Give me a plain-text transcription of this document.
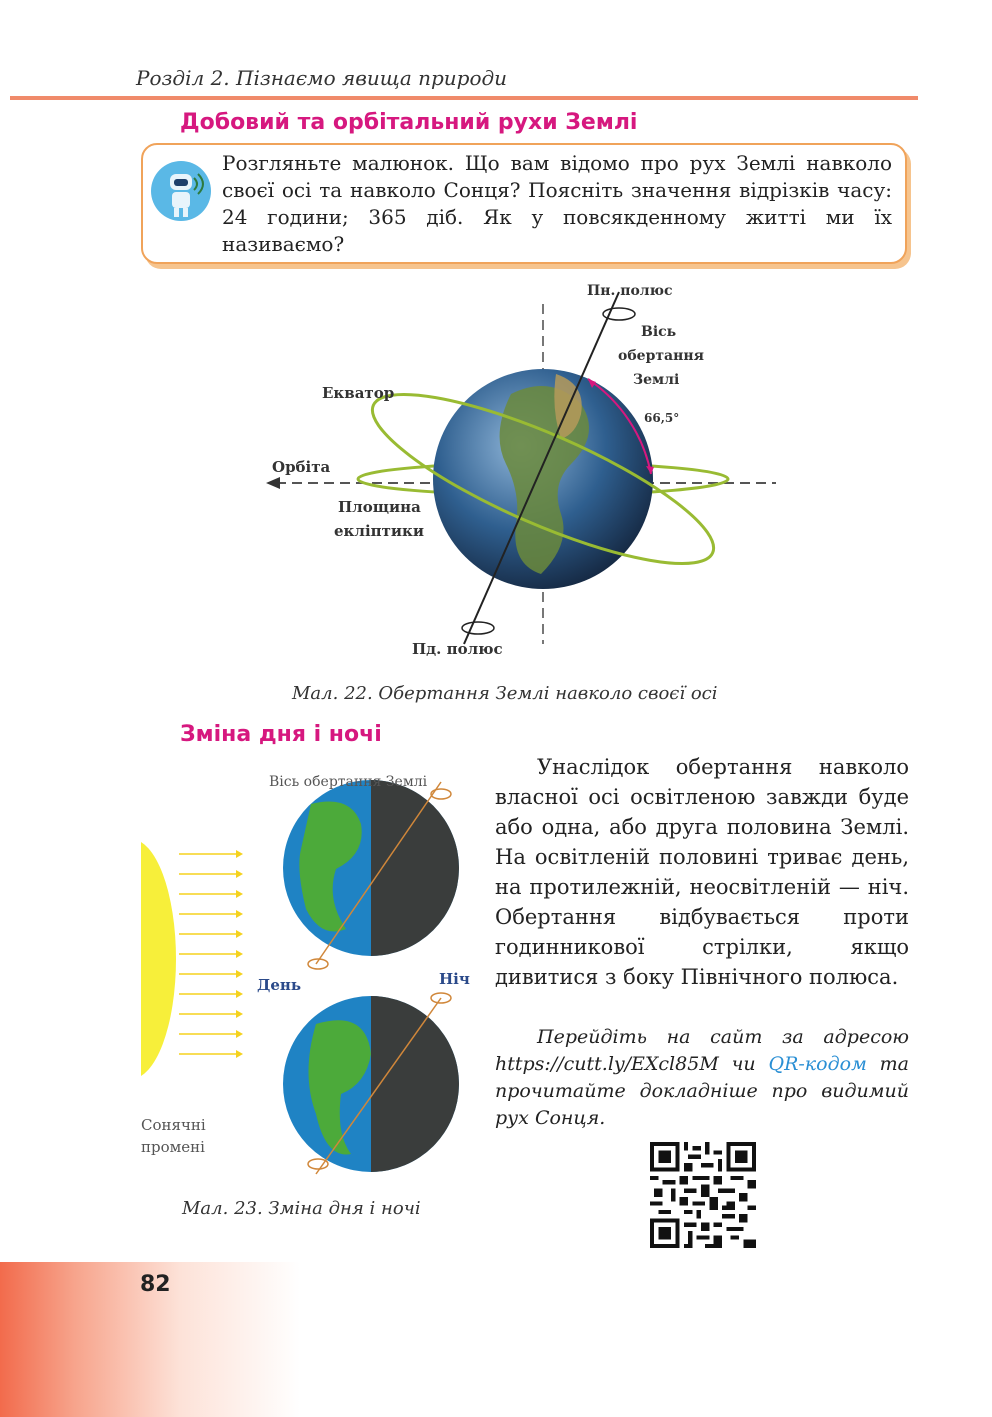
Розділ 2. Пізнаємо явища природи
Добовий та орбітальний рухи Землі
Розгляньте малюнок. Що вам відомо про рух Землі навколо своєї осі та навколо Сонця? Поясніть значення відрізків часу: 24 години; 365 діб. Як у повсякденному житті ми їх називаємо?
Пн. полюс
Вісь
обертання
Землі
66,5°
Екватор
Орбіта
Площина
екліптики
Пд. полюс
Мал. 22. Обертання Землі навколо своєї осі
Зміна дня і ночі
Вісь обертання Землі
День	Ніч
Сонячні
промені
Мал. 23. Зміна дня і ночі

Унаслідок обертання навколо власної осі освітленою завжди буде або одна, або друга половина Землі. На освітленій половині триває день, на протилежній, неосвітленій — ніч. Обертання відбувається проти годинникової стрілки, якщо дивитися з боку Північного полюса.

Перейдіть на сайт за адресою https://cutt.ly/EXcl85M чи QR-кодом та прочитайте докладніше про видимий рух Сонця.

82
